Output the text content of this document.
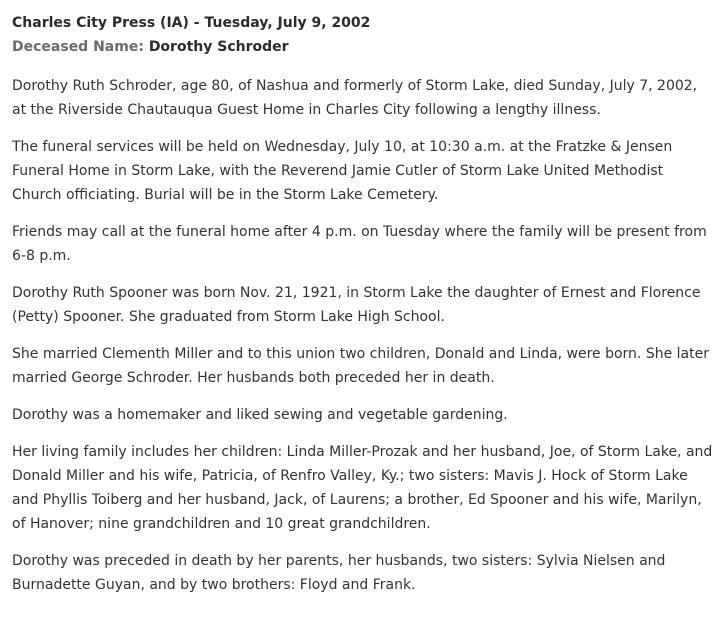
Charles City Press (IA) - Tuesday, July 9, 2002

Deceased Name: Dorothy Schroder

Dorothy Ruth Schroder, age 80, of Nashua and formerly of Storm Lake, died Sunday, July 7, 2002, at the Riverside Chautauqua Guest Home in Charles City following a lengthy illness.

The funeral services will be held on Wednesday, July 10, at 10:30 a.m. at the Fratzke & Jensen Funeral Home in Storm Lake, with the Reverend Jamie Cutler of Storm Lake United Methodist Church officiating. Burial will be in the Storm Lake Cemetery.

Friends may call at the funeral home after 4 p.m. on Tuesday where the family will be present from 6-8 p.m.

Dorothy Ruth Spooner was born Nov. 21, 1921, in Storm Lake the daughter of Ernest and Florence (Petty) Spooner. She graduated from Storm Lake High School.

She married Clementh Miller and to this union two children, Donald and Linda, were born. She later married George Schroder. Her husbands both preceded her in death.

Dorothy was a homemaker and liked sewing and vegetable gardening.

Her living family includes her children: Linda Miller-Prozak and her husband, Joe, of Storm Lake, and Donald Miller and his wife, Patricia, of Renfro Valley, Ky.; two sisters: Mavis J. Hock of Storm Lake and Phyllis Toiberg and her husband, Jack, of Laurens; a brother, Ed Spooner and his wife, Marilyn, of Hanover; nine grandchildren and 10 great grandchildren.

Dorothy was preceded in death by her parents, her husbands, two sisters: Sylvia Nielsen and Burnadette Guyan, and by two brothers: Floyd and Frank.
